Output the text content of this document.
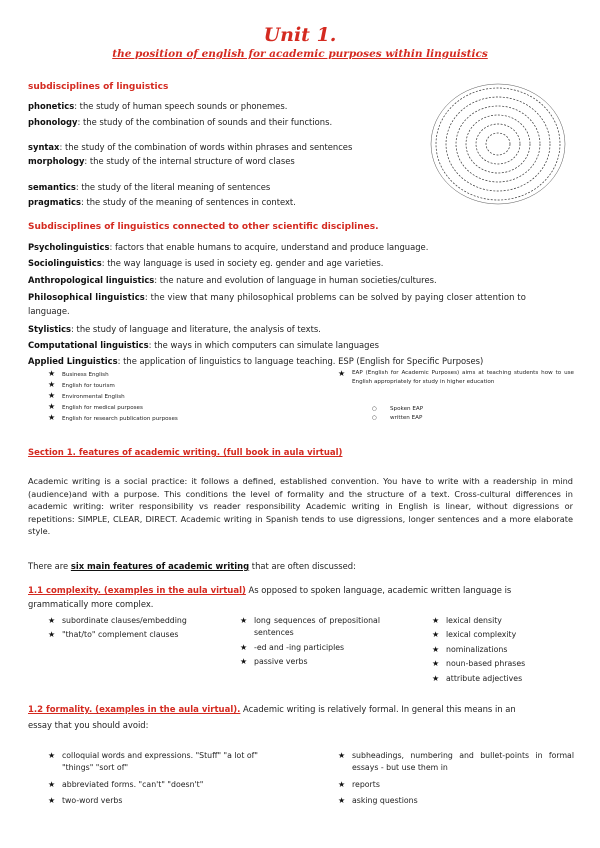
Unit 1.
the position of english for academic purposes within linguistics
subdisciplines of linguistics
phonetics: the study of human speech sounds or phonemes.
phonology: the study of the combination of sounds and their functions.
syntax: the study of the combination of words within phrases and sentences
morphology: the study of the internal structure of word clases
semantics: the study of the literal meaning of sentences
pragmatics: the study of the meaning of sentences in context.
Subdisciplines of linguistics connected to other scientific disciplines.
Psycholinguistics: factors that enable humans to acquire, understand and produce language.
Sociolinguistics: the way language is used in society eg. gender and age varieties.
Anthropological linguistics: the nature and evolution of language in human societies/cultures.
Philosophical linguistics: the view that many philosophical problems can be solved by paying closer attention to
language.
Stylistics: the study of language and literature, the analysis of texts.
Computational linguistics: the ways in which computers can simulate languages
Applied Linguistics: the application of linguistics to language teaching. ESP (English for Specific Purposes)
★ Business English
★ English for tourism
★ Environmental English
★ English for medical purposes
★ English for research publication purposes
★	EAP (English for Academic Purposes) aims at teaching students how to use English appropriately for study in higher education
○ Spoken EAP
○ written EAP
Section 1. features of academic writing. (full book in aula virtual)
Academic writing is a social practice: it follows a defined, established convention. You have to write with a readership in mind (audience)and with a purpose. This conditions the level of formality and the structure of a text. Cross-cultural differences in academic writing: writer responsibility vs reader responsibility Academic writing in English is linear, without digressions or repetitions: SIMPLE, CLEAR, DIRECT. Academic writing in Spanish tends to use digressions, longer sentences and a more elaborate style.
There are six main features of academic writing that are often discussed:
1.1 complexity. (examples in the aula virtual) As opposed to spoken language, academic written language is
grammatically more complex.
★ subordinate clauses/embedding
★ "that/to" complement clauses
★ long sequences of prepositional sentences
★ -ed and -ing participles
★ passive verbs
★ lexical density
★ lexical complexity
★ nominalizations
★ noun-based phrases
★ attribute adjectives
1.2 formality. (examples in the aula virtual). Academic writing is relatively formal. In general this means in an
essay that you should avoid:
★ colloquial words and expressions. "Stuff" "a lot of" "things" "sort of"
★ abbreviated forms. "can't" "doesn't"
★ two-word verbs
★ subheadings, numbering and bullet-points in formal essays - but use them in
★ reports
★ asking questions
